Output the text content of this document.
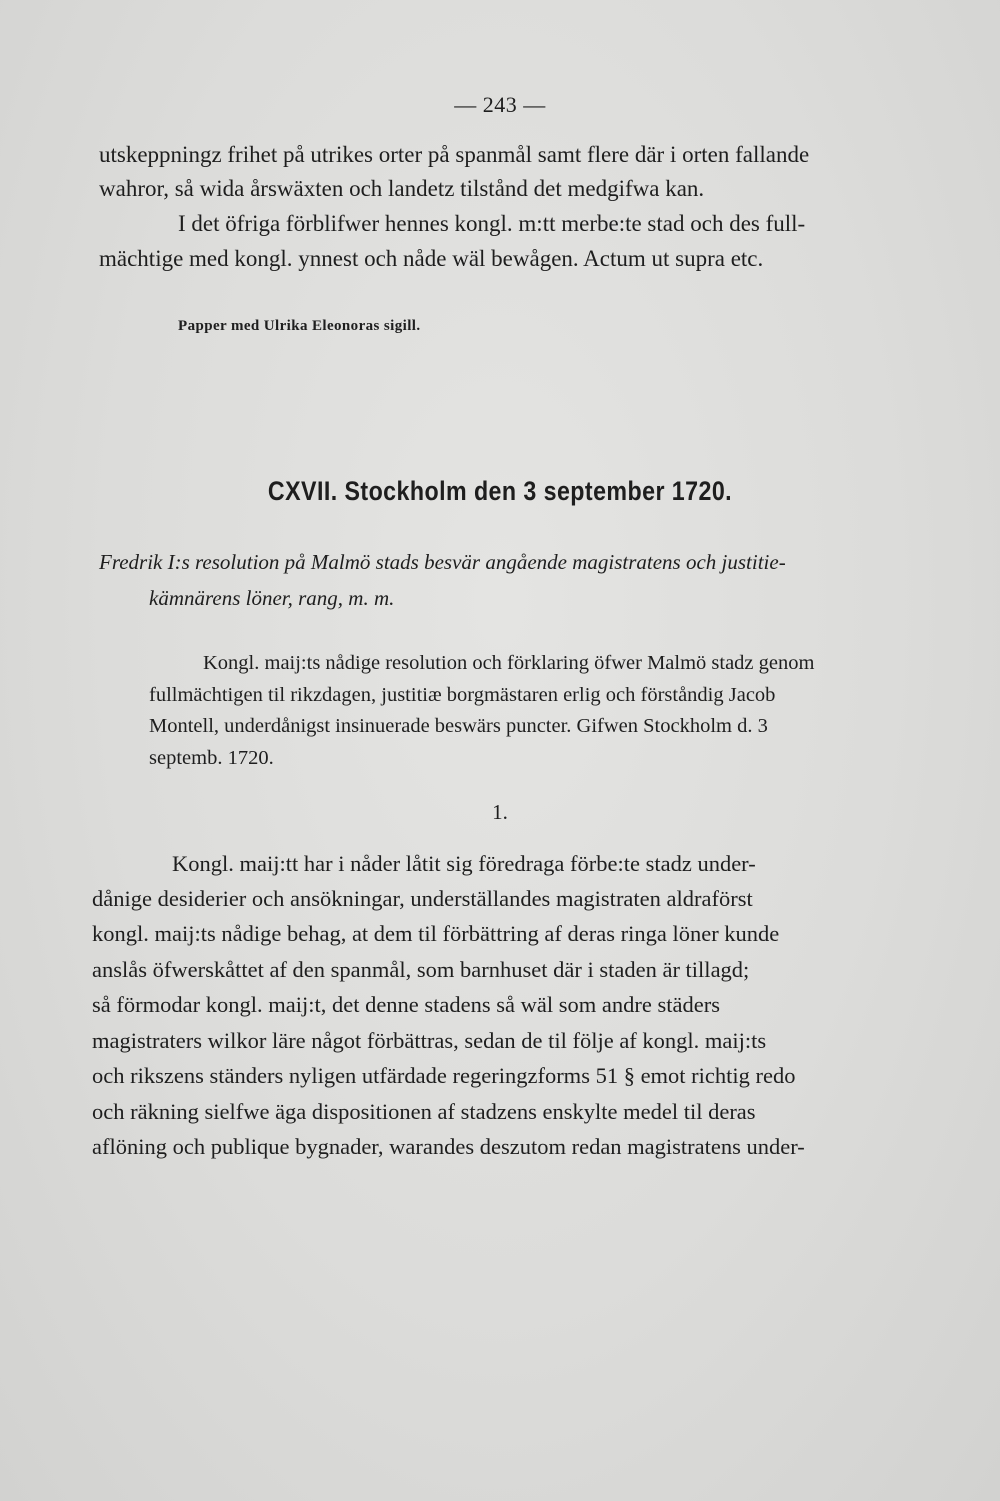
— 243 —
utskeppningz frihet på utrikes orter på spanmål samt flere där i orten fallande
wahror, så wida årswäxten och landetz tilstånd det medgifwa kan.
I det öfriga förblifwer hennes kongl. m:tt merbe:te stad och des full-
mächtige med kongl. ynnest och nåde wäl bewågen. Actum ut supra etc.
Papper med Ulrika Eleonoras sigill.
CXVII. Stockholm den 3 september 1720.
Fredrik I:s resolution på Malmö stads besvär angående magistratens och justitie-
kämnärens löner, rang, m. m.
Kongl. maij:ts nådige resolution och förklaring öfwer Malmö stadz genom
fullmächtigen til rikzdagen, justitiæ borgmästaren erlig och förståndig Jacob
Montell, underdånigst insinuerade beswärs puncter. Gifwen Stockholm d. 3
septemb. 1720.
1.
Kongl. maij:tt har i nåder låtit sig föredraga förbe:te stadz under-
dånige desiderier och ansökningar, underställandes magistraten aldraförst
kongl. maij:ts nådige behag, at dem til förbättring af deras ringa löner kunde
anslås öfwerskåttet af den spanmål, som barnhuset där i staden är tillagd;
så förmodar kongl. maij:t, det denne stadens så wäl som andre städers
magistraters wilkor läre något förbättras, sedan de til följe af kongl. maij:ts
och rikszens ständers nyligen utfärdade regeringzforms 51 § emot richtig redo
och räkning sielfwe äga dispositionen af stadzens enskylte medel til deras
aflöning och publique bygnader, warandes deszutom redan magistratens under-
